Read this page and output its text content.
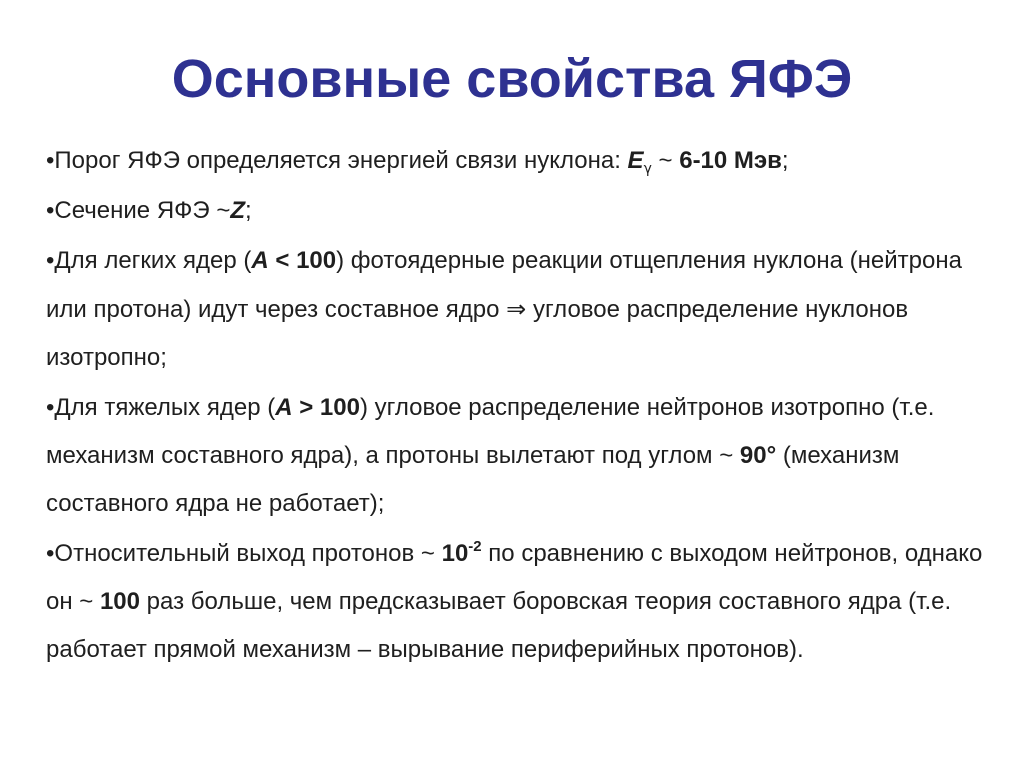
Основные свойства ЯФЭ
•Порог ЯФЭ определяется энергией связи нуклона: $E_\gamma$ ~ 6-10 Мэв;
•Сечение ЯФЭ ~Z;
•Для легких ядер (A < 100) фотоядерные реакции отщепления нуклона (нейтрона или протона) идут через составное ядро ⇒ угловое распределение нуклонов изотропно;
•Для тяжелых ядер (A > 100) угловое распределение нейтронов изотропно (т.е. механизм составного ядра), а протоны вылетают под углом ~ 90° (механизм составного ядра не работает);
•Относительный выход протонов ~ $10^{-2}$ по сравнению с выходом нейтронов, однако он ~ 100 раз больше, чем предсказывает боровская теория составного ядра (т.е. работает прямой механизм – вырывание периферийных протонов).
